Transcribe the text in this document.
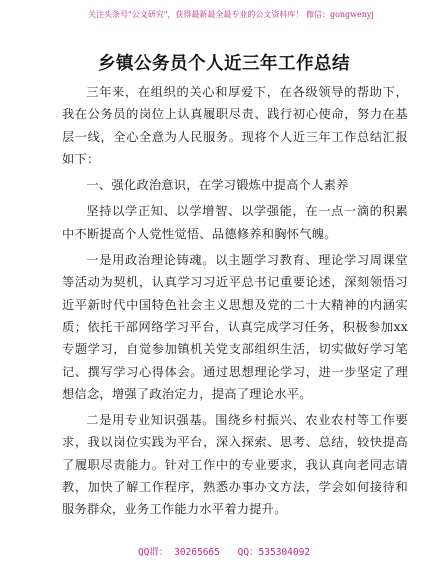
关注头条号"公文研究"，获得最新最全最专业的公文资料库！ 微信：gongwenyj
乡镇公务员个人近三年工作总结

三年来，在组织的关心和厚爱下，在各级领导的帮助下，我在公务员的岗位上认真履职尽责、践行初心使命，努力在基层一线，全心全意为人民服务。现将个人近三年工作总结汇报如下：

一、强化政治意识，在学习锻炼中提高个人素养

坚持以学正知、以学增智、以学强能，在一点一滴的积累中不断提高个人党性觉悟、品德修养和胸怀气魄。

一是用政治理论铸魂。以主题学习教育、理论学习周课堂等活动为契机，认真学习习近平总书记重要论述，深刻领悟习近平新时代中国特色社会主义思想及党的二十大精神的内涵实质；依托干部网络学习平台，认真完成学习任务，积极参加xx专题学习，自觉参加镇机关党支部组织生活，切实做好学习笔记、撰写学习心得体会。通过思想理论学习，进一步坚定了理想信念，增强了政治定力，提高了理论水平。

二是用专业知识强基。围绕乡村振兴、农业农村等工作要求，我以岗位实践为平台，深入探索、思考、总结，较快提高了履职尽责能力。针对工作中的专业要求，我认真向老同志请教，加快了解工作程序，熟悉办事办文方法，学会如何接待和服务群众，业务工作能力水平着力提升。

QQ群： 30265665 QQ：535304092
